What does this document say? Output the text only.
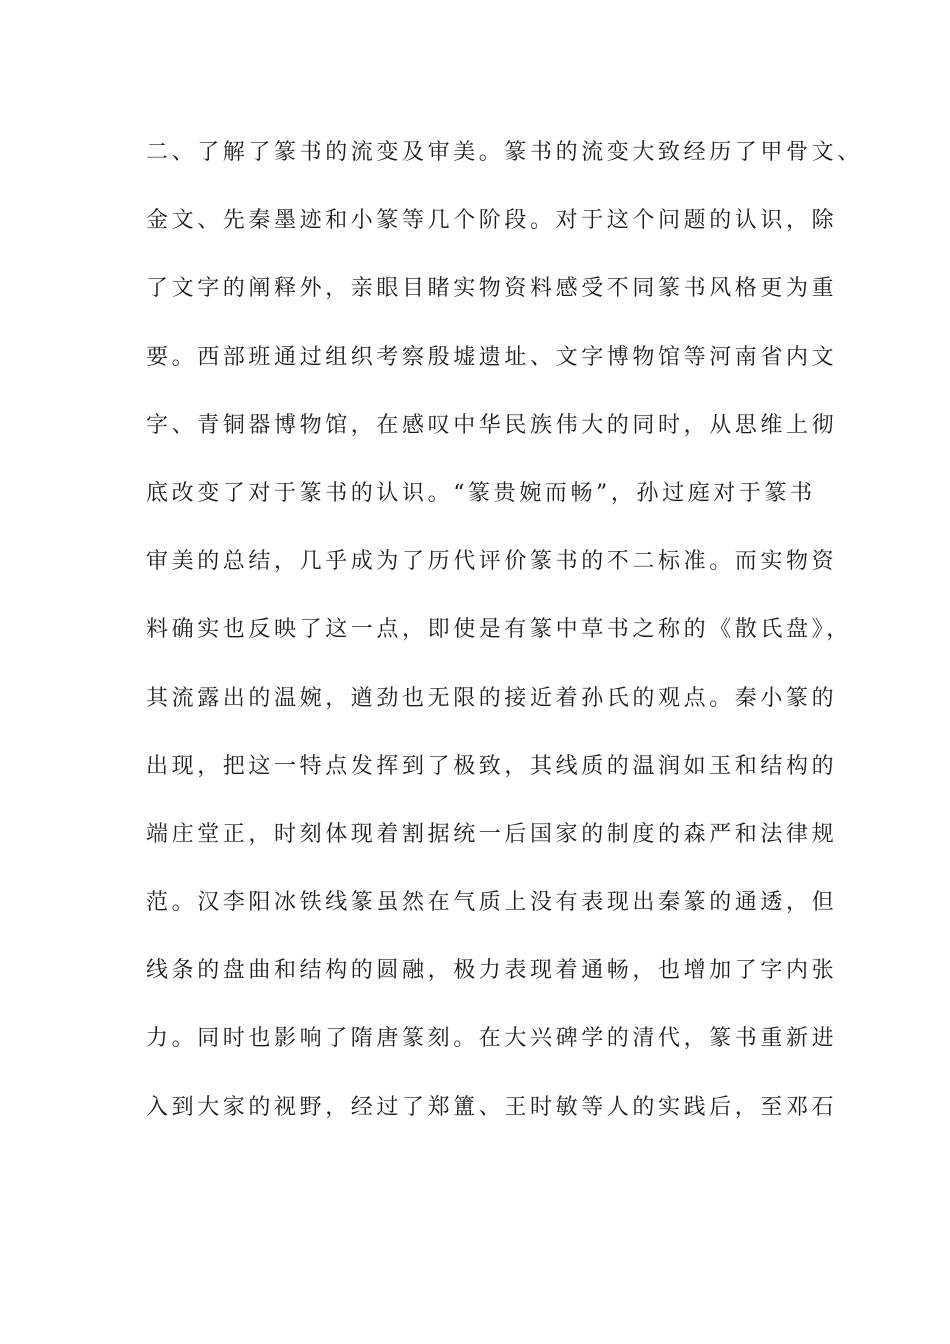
二、了解了篆书的流变及审美。篆书的流变大致经历了甲骨文、
金文、先秦墨迹和小篆等几个阶段。对于这个问题的认识，除
了文字的阐释外，亲眼目睹实物资料感受不同篆书风格更为重
要。西部班通过组织考察殷墟遗址、文字博物馆等河南省内文
字、青铜器博物馆，在感叹中华民族伟大的同时，从思维上彻
底改变了对于篆书的认识。“篆贵婉而畅”，孙过庭对于篆书
审美的总结，几乎成为了历代评价篆书的不二标准。而实物资
料确实也反映了这一点，即使是有篆中草书之称的《散氏盘》，
其流露出的温婉，遒劲也无限的接近着孙氏的观点。秦小篆的
出现，把这一特点发挥到了极致，其线质的温润如玉和结构的
端庄堂正，时刻体现着割据统一后国家的制度的森严和法律规
范。汉李阳冰铁线篆虽然在气质上没有表现出秦篆的通透，但
线条的盘曲和结构的圆融，极力表现着通畅，也增加了字内张
力。同时也影响了隋唐篆刻。在大兴碑学的清代，篆书重新进
入到大家的视野，经过了郑簠、王时敏等人的实践后，至邓石
